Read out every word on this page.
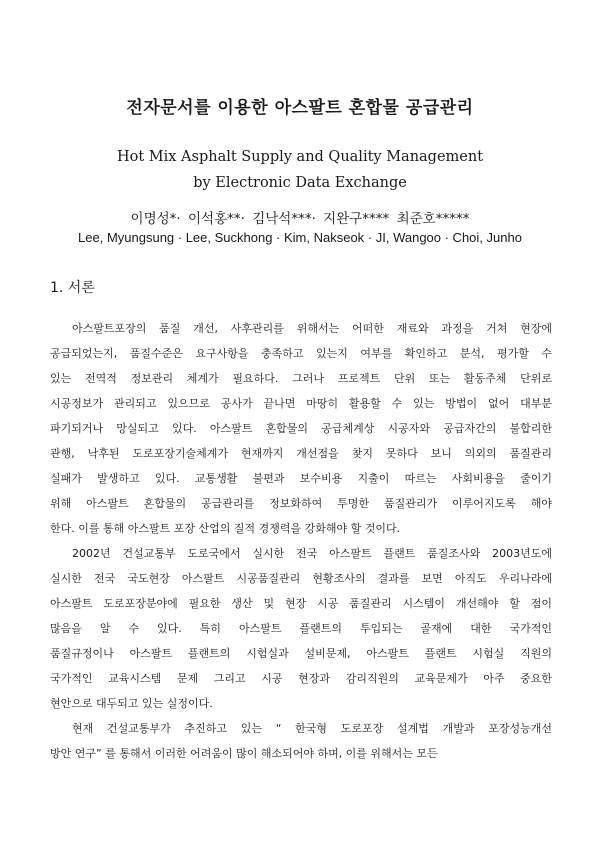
전자문서를 이용한 아스팔트 혼합물 공급관리
Hot Mix Asphalt Supply and Quality Management
by Electronic Data Exchange
이명성*· 이석홍**· 김낙석***· 지완구**** 최준호*****
Lee, Myungsung · Lee, Suckhong · Kim, Nakseok · JI, Wangoo · Choi, Junho
1. 서론
아스팔트포장의 품질 개선, 사후관리를 위해서는 어떠한 재료와 과정을 거쳐 현장에
공급되었는지, 품질수준은 요구사항을 충족하고 있는지 여부를 확인하고 분석, 평가할 수
있는 전역적 정보관리 체계가 필요하다. 그러나 프로젝트 단위 또는 활동주체 단위로
시공정보가 관리되고 있으므로 공사가 끝나면 마땅히 활용할 수 있는 방법이 없어 대부분
파기되거나 망실되고 있다. 아스팔트 혼합물의 공급체계상 시공자와 공급자간의 불합리한
관행, 낙후된 도로포장기술체계가 현재까지 개선점을 찾지 못하다 보니 의외의 품질관리
실패가 발생하고 있다. 교통생활 불편과 보수비용 지출이 따르는 사회비용을 줄이기
위해 아스팔트 혼합물의 공급관리를 정보화하여 투명한 품질관리가 이루어지도록 해야
한다. 이를 통해 아스팔트 포장 산업의 질적 경쟁력을 강화해야 할 것이다.
2002년 건설교통부 도로국에서 실시한 전국 아스팔트 플랜트 품질조사와 2003년도에
실시한 전국 국도현장 아스팔트 시공품질관리 현황조사의 결과를 보면 아직도 우리나라에
아스팔트 도로포장분야에 필요한 생산 및 현장 시공 품질관리 시스템이 개선해야 할 점이
많음을 알 수 있다. 특히 아스팔트 플랜트의 투입되는 골재에 대한 국가적인
품질규정이나 아스팔트 플랜트의 시험실과 설비문제, 아스팔트 플랜트 시험실 직원의
국가적인 교육시스템 문제 그리고 시공 현장과 감리직원의 교육문제가 아주 중요한
현안으로 대두되고 있는 실정이다.
현재 건설교통부가 추진하고 있는 “ 한국형 도로포장 설계법 개발과 포장성능개선
방안 연구” 를 통해서 이러한 어려움이 많이 해소되어야 하며, 이를 위해서는 모든
